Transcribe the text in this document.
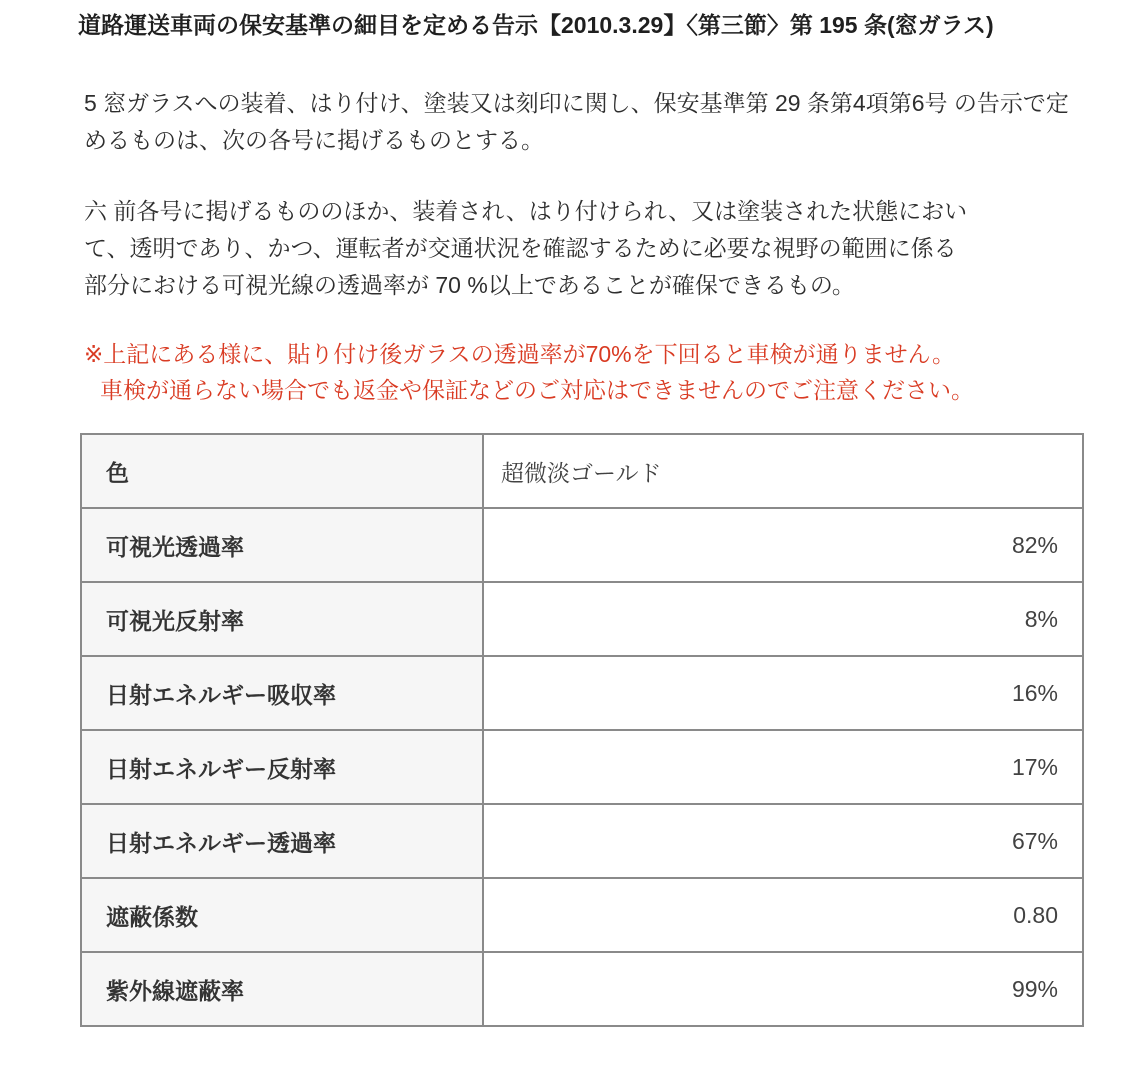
道路運送車両の保安基準の細目を定める告示【2010.3.29】〈第三節〉第 195 条(窓ガラス)

5 窓ガラスへの装着、はり付け、塗装又は刻印に関し、保安基準第 29 条第4項第6号 の告示で定
めるものは、次の各号に掲げるものとする。

六 前各号に掲げるもののほか、装着され、はり付けられ、又は塗装された状態におい
て、透明であり、かつ、運転者が交通状況を確認するために必要な視野の範囲に係る
部分における可視光線の透過率が 70 %以上であることが確保できるもの。

※上記にある様に、貼り付け後ガラスの透過率が70%を下回ると車検が通りません。
車検が通らない場合でも返金や保証などのご対応はできませんのでご注意ください。
色	超微淡ゴールド
可視光透過率	82%
可視光反射率	8%
日射エネルギー吸収率	16%
日射エネルギー反射率	17%
日射エネルギー透過率	67%
遮蔽係数	0.80
紫外線遮蔽率	99%
